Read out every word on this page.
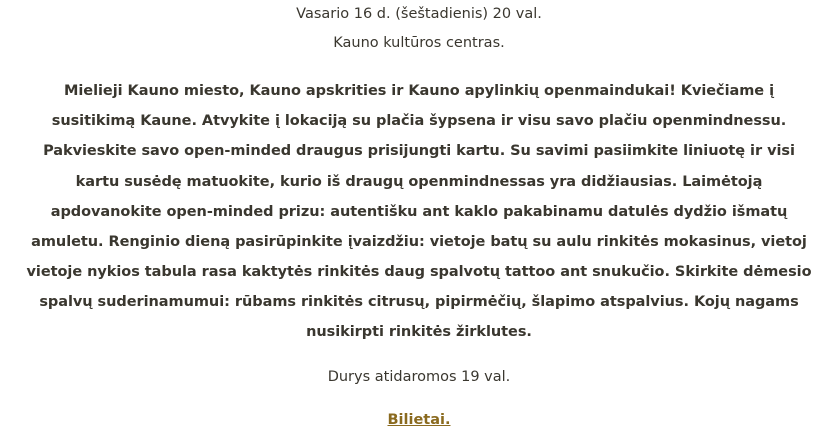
Vasario 16 d. (šeštadienis) 20 val.

Kauno kultūros centras.

Mielieji Kauno miesto, Kauno apskrities ir Kauno apylinkių openmaindukai! Kviečiame į susitikimą Kaune. Atvykite į lokaciją su plačia šypsena ir visu savo plačiu openmindnessu. Pakvieskite savo open-minded draugus prisijungti kartu. Su savimi pasiimkite liniuotę ir visi kartu susėdę matuokite, kurio iš draugų openmindnessas yra didžiausias. Laimėtoją apdovanokite open-minded prizu: autentišku ant kaklo pakabinamu datulės dydžio išmatų amuletu. Renginio dieną pasirūpinkite įvaizdžiu: vietoje batų su aulu rinkitės mokasinus, vietoj vietoje nykios tabula rasa kaktytės rinkitės daug spalvotų tattoo ant snukučio. Skirkite dėmesio spalvų suderinamumui: rūbams rinkitės citrusų, pipirmėčių, šlapimo atspalvius. Kojų nagams nusikirpti rinkitės žirklutes.

Durys atidaromos 19 val.

Bilietai.
